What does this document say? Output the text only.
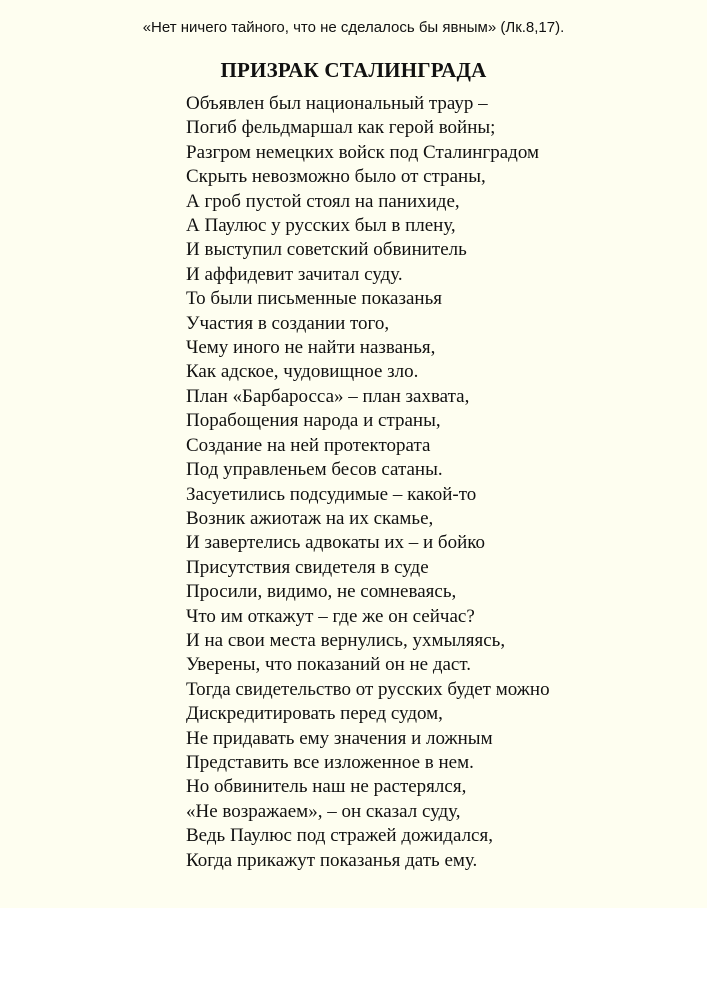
«Нет ничего тайного, что не сделалось бы явным» (Лк.8,17).
ПРИЗРАК СТАЛИНГРАДА
Объявлен был национальный траур –
Погиб фельдмаршал как герой войны;
Разгром немецких войск под Сталинградом
Скрыть невозможно было от страны,
А гроб пустой стоял на панихиде,
А Паулюс у русских был в плену,
И выступил советский обвинитель
И аффидевит зачитал суду.
То были письменные показанья
Участия в создании того,
Чему иного не найти названья,
Как адское, чудовищное зло.
План «Барбаросса» – план захвата,
Порабощения народа и страны,
Создание на ней протектората
Под управленьем бесов сатаны.
Засуетились подсудимые – какой-то
Возник ажиотаж на их скамье,
И завертелись адвокаты их – и бойко
Присутствия свидетеля в суде
Просили, видимо, не сомневаясь,
Что им откажут – где же он сейчас?
И на свои места вернулись, ухмыляясь,
Уверены, что показаний он не даст.
Тогда свидетельство от русских будет можно
Дискредитировать перед судом,
Не придавать ему значения и ложным
Представить все изложенное в нем.
Но обвинитель наш не растерялся,
«Не возражаем», – он сказал суду,
Ведь Паулюс под стражей дожидался,
Когда прикажут показанья дать ему.
